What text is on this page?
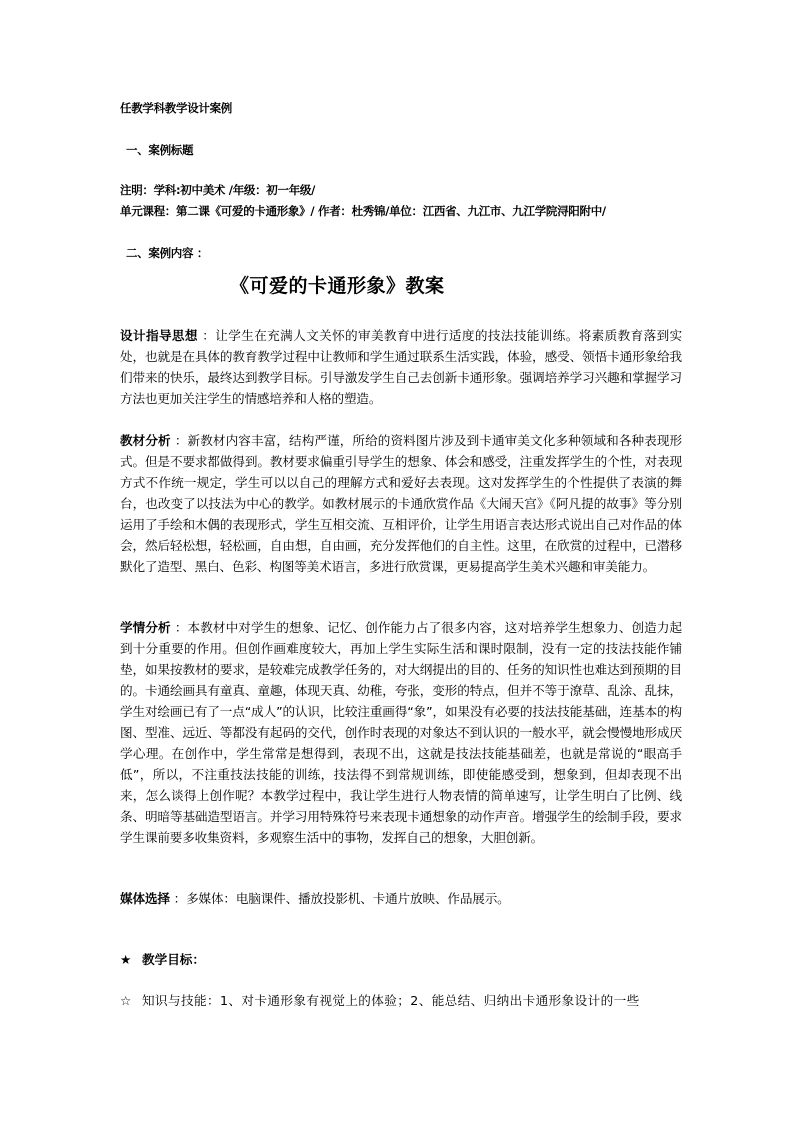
任教学科教学设计案例
一、案例标题
注明：学科:初中美术 /年级：初一年级/
单元课程：第二课《可爱的卡通形象》/ 作者：杜秀锦/单位：江西省、九江市、九江学院浔阳附中/
二、案例内容 ：
《可爱的卡通形象》教案
设计指导思想 ：让学生在充满人文关怀的审美教育中进行适度的技法技能训练。将素质教育落到实处，也就是在具体的教育教学过程中让教师和学生通过联系生活实践，体验，感受、领悟卡通形象给我们带来的快乐，最终达到教学目标。引导激发学生自己去创新卡通形象。强调培养学习兴趣和掌握学习方法也更加关注学生的情感培养和人格的塑造。
教材分析 ：新教材内容丰富，结构严谨，所给的资料图片涉及到卡通审美文化多种领域和各种表现形式。但是不要求都做得到。教材要求偏重引导学生的想象、体会和感受，注重发挥学生的个性，对表现方式不作统一规定，学生可以以自己的理解方式和爱好去表现。这对发挥学生的个性提供了表演的舞台，也改变了以技法为中心的教学。如教材展示的卡通欣赏作品《大闹天宫》《阿凡提的故事》等分别运用了手绘和木偶的表现形式，学生互相交流、互相评价，让学生用语言表达形式说出自己对作品的体会，然后轻松想，轻松画，自由想，自由画，充分发挥他们的自主性。这里，在欣赏的过程中，已潜移默化了造型、黑白、色彩、构图等美术语言，多进行欣赏课，更易提高学生美术兴趣和审美能力。
学情分析 ：本教材中对学生的想象、记忆、创作能力占了很多内容，这对培养学生想象力、创造力起到十分重要的作用。但创作画难度较大，再加上学生实际生活和课时限制，没有一定的技法技能作铺垫，如果按教材的要求，是较难完成教学任务的，对大纲提出的目的、任务的知识性也难达到预期的目的。卡通绘画具有童真、童趣，体现天真、幼稚，夸张，变形的特点，但并不等于潦草、乱涂、乱抹，学生对绘画已有了一点“成人”的认识，比较注重画得“象”，如果没有必要的技法技能基础，连基本的构图、型准、远近、等都没有起码的交代，创作时表现的对象达不到认识的一般水平，就会慢慢地形成厌学心理。在创作中，学生常常是想得到，表现不出，这就是技法技能基础差，也就是常说的“眼高手低”，所以，不注重技法技能的训练，技法得不到常规训练，即使能感受到，想象到，但却表现不出来，怎么谈得上创作呢？本教学过程中，我让学生进行人物表情的简单速写，让学生明白了比例、线条、明暗等基础造型语言。并学习用特殊符号来表现卡通想象的动作声音。增强学生的绘制手段，要求学生课前要多收集资料，多观察生活中的事物，发挥自己的想象，大胆创新。
媒体选择 ：多媒体：电脑课件、播放投影机、卡通片放映、作品展示。
★ 教学目标：
☆ 知识与技能：1、对卡通形象有视觉上的体验；2、能总结、归纳出卡通形象设计的一些
